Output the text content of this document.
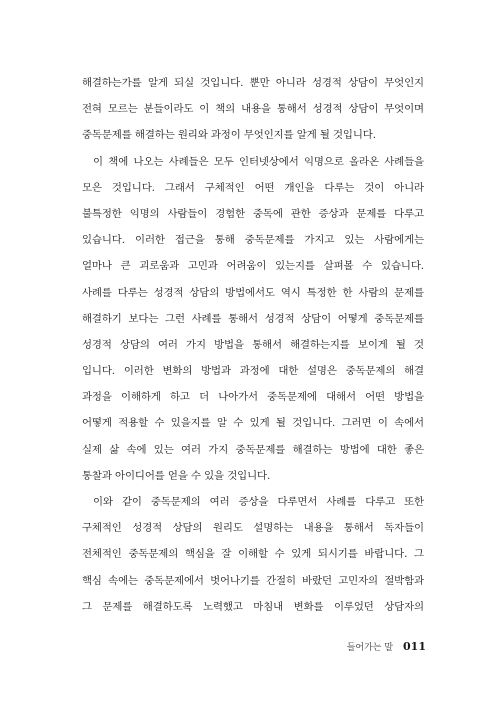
해결하는가를 알게 되실 것입니다. 뿐만 아니라 성경적 상담이 무엇인지
전혀 모르는 분들이라도 이 책의 내용을 통해서 성경적 상담이 무엇이며
중독문제를 해결하는 원리와 과정이 무엇인지를 알게 될 것입니다.
이 책에 나오는 사례들은 모두 인터넷상에서 익명으로 올라온 사례들을
모은 것입니다. 그래서 구체적인 어떤 개인을 다루는 것이 아니라
불특정한 익명의 사람들이 경험한 중독에 관한 증상과 문제를 다루고
있습니다. 이러한 접근을 통해 중독문제를 가지고 있는 사람에게는
얼마나 큰 괴로움과 고민과 어려움이 있는지를 살펴볼 수 있습니다.
사례를 다루는 성경적 상담의 방법에서도 역시 특정한 한 사람의 문제를
해결하기 보다는 그런 사례를 통해서 성경적 상담이 어떻게 중독문제를
성경적 상담의 여러 가지 방법을 통해서 해결하는지를 보이게 될 것
입니다. 이러한 변화의 방법과 과정에 대한 설명은 중독문제의 해결
과정을 이해하게 하고 더 나아가서 중독문제에 대해서 어떤 방법을
어떻게 적용할 수 있을지를 알 수 있게 될 것입니다. 그러면 이 속에서
실제 삶 속에 있는 여러 가지 중독문제를 해결하는 방법에 대한 좋은
통찰과 아이디어를 얻을 수 있을 것입니다.
이와 같이 중독문제의 여러 증상을 다루면서 사례를 다루고 또한
구체적인 성경적 상담의 원리도 설명하는 내용을 통해서 독자들이
전체적인 중독문제의 핵심을 잘 이해할 수 있게 되시기를 바랍니다. 그
핵심 속에는 중독문제에서 벗어나기를 간절히 바랐던 고민자의 절박함과
그 문제를 해결하도록 노력했고 마침내 변화를 이루었던 상담자의
들어가는 말 011
